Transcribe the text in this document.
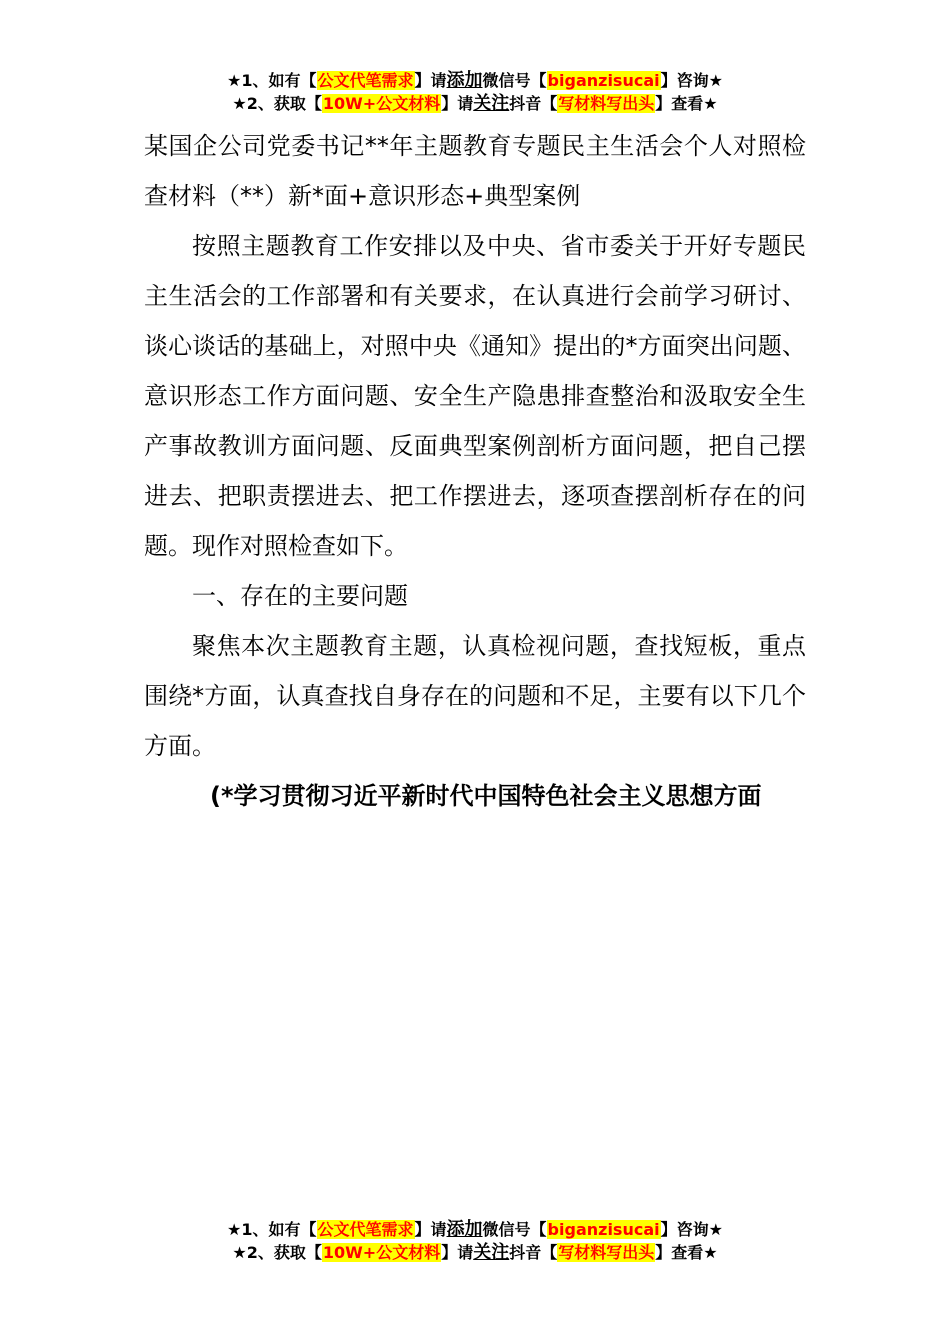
★1、如有【公文代笔需求】请添加微信号【biganzisucai】咨询★
★2、获取【10W+公文材料】请关注抖音【写材料写出头】查看★

某国企公司党委书记**年主题教育专题民主生活会个人对照检查材料（**）新*面+意识形态+典型案例

按照主题教育工作安排以及中央、省市委关于开好专题民主生活会的工作部署和有关要求，在认真进行会前学习研讨、谈心谈话的基础上，对照中央《通知》提出的*方面突出问题、意识形态工作方面问题、安全生产隐患排查整治和汲取安全生产事故教训方面问题、反面典型案例剖析方面问题，把自己摆进去、把职责摆进去、把工作摆进去，逐项查摆剖析存在的问题。现作对照检查如下。

一、存在的主要问题

聚焦本次主题教育主题，认真检视问题，查找短板，重点围绕*方面，认真查找自身存在的问题和不足，主要有以下几个方面。

(*学习贯彻习近平新时代中国特色社会主义思想方面

★1、如有【公文代笔需求】请添加微信号【biganzisucai】咨询★
★2、获取【10W+公文材料】请关注抖音【写材料写出头】查看★
